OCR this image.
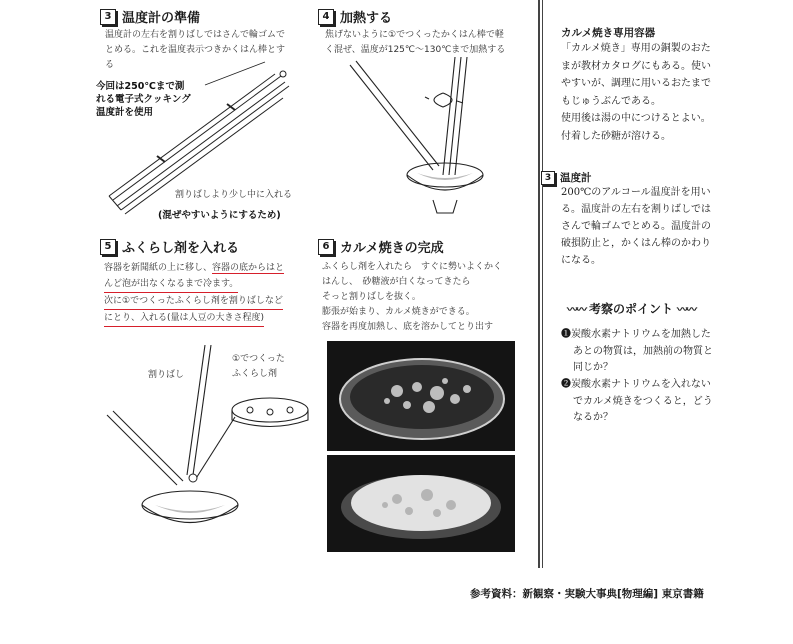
3 温度計の準備
温度計の左右を割りばしではさんで輪ゴムで
とめる。これを温度表示つきかくはん棒とす
る
今回は250℃まで測
れる電子式クッキング
温度計を使用
割りばしより少し中に入れる
(混ぜやすいようにするため)
4 加熱する
焦げないように①でつくったかくはん棒で軽
く混ぜ、温度が125℃〜130℃まで加熱する
5 ふくらし剤を入れる
容器を新聞紙の上に移し、容器の底からはと
んど泡が出なくなるまで冷ます。
次に①でつくったふくらし剤を割りばしなど
にとり、入れる(量は人豆の大きさ程度)
割りばし
①でつくった
ふくらし剤
6 カルメ焼きの完成
ふくらし剤を入れたら　すぐに勢いよくかく
はんし、　砂糖液が白くなってきたら
そっと割りばしを抜く。
膨張が始まり、カルメ焼きができる。
容器を再度加熱し、底を溶かしてとり出す
カルメ焼き専用容器
「カルメ焼き」専用の銅製のおた
まが教材カタログにもある。使い
やすいが、調理に用いるおたまで
もじゅうぶんである。
使用後は湯の中につけるとよい。
付着した砂糖が溶ける。
3 温度計
200℃のアルコール温度計を用い
る。温度計の左右を割りばしでは
さんで輪ゴムでとめる。温度計の
破損防止と，かくはん棒のかわり
になる。
〰〰 考察のポイント 〰〰
❶炭酸水素ナトリウムを加熱した
あとの物質は，加熱前の物質と
同じか？
❷炭酸水素ナトリウムを入れない
でカルメ焼きをつくると，どう
なるか？
参考資料：新観察・実験大事典[物理編] 東京書籍
